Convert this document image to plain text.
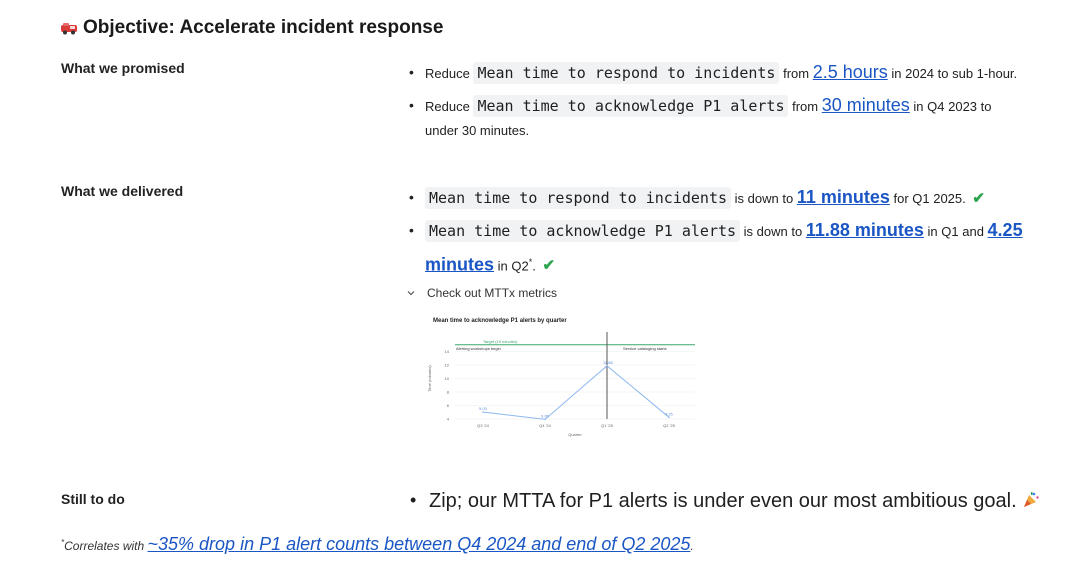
Objective: Accelerate incident response
What we promised	• Reduce Mean time to respond to incidents from 2.5 hours in 2024 to sub 1-hour.
• Reduce Mean time to acknowledge P1 alerts from 30 minutes in Q4 2023 to under 30 minutes.
What we delivered	• Mean time to respond to incidents is down to 11 minutes for Q1 2025. ✔
• Mean time to acknowledge P1 alerts is down to 11.88 minutes in Q1 and 4.25 minutes in Q2*. ✔
Check out MTTx metrics
Mean time to acknowledge P1 alerts by quarter
4
6
8
10
12
14
Target (15 minutes)
Alerting workshops begin	Service cataloging starts
5.03
Q3 '24
3.95
Q4 '24
11.88
Q1 '25
4.25
Q2 '25
Quarter
Time (minutes)
Still to do	• Zip; our MTTA for P1 alerts is under even our most ambitious goal.
*Correlates with ~35% drop in P1 alert counts between Q4 2024 and end of Q2 2025.
